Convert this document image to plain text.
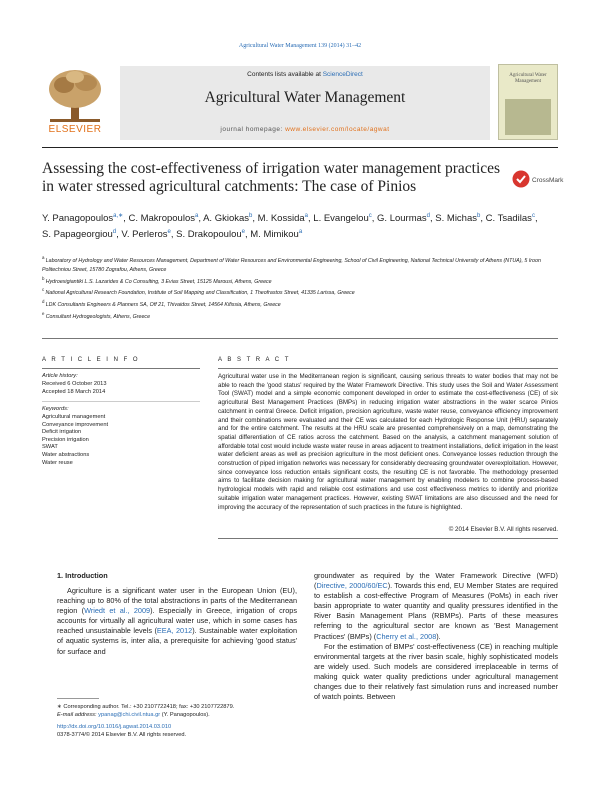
Agricultural Water Management 139 (2014) 31–42
ELSEVIER
Contents lists available at ScienceDirect
Agricultural Water Management
journal homepage: www.elsevier.com/locate/agwat
Agricultural Water Management
Assessing the cost-effectiveness of irrigation water management practices in water stressed agricultural catchments: The case of Pinios	CrossMark
Y. Panagopoulos$^{a,∗}$, C. Makropoulos$^a$, A. Gkiokas$^b$, M. Kossida$^a$, L. Evangelou$^c$, G. Lourmas$^d$, S. Michas$^b$, C. Tsadilas$^c$, S. Papageorgiou$^d$, V. Perleros$^e$, S. Drakopoulou$^e$, M. Mimikou$^a$
$^a$ Laboratory of Hydrology and Water Resources Management, Department of Water Resources and Environmental Engineering, School of Civil Engineering, National Technical University of Athens (NTUA), 5 Iroon Politechniou Street, 15780 Zografou, Athens, Greece
$^b$ Hydroexigiantiki L.S. Lazarides & Co Consulting, 3 Evias Street, 15125 Marousi, Athens, Greece
$^c$ National Agricultural Research Foundation, Institute of Soil Mapping and Classification, 1 Theofrastos Street, 41335 Larissa, Greece
$^d$ LDK Consultants Engineers & Planners SA, Off 21, Thivaidos Street, 14564 Kifissia, Athens, Greece
$^e$ Consultant Hydrogeologists, Athens, Greece
A R T I C L E I N F O
Article history:
Received 6 October 2013
Accepted 18 March 2014
Keywords:
Agricultural management
Conveyance improvement
Deficit irrigation
Precision irrigation
SWAT
Water abstractions
Water reuse
A B S T R A C T
Agricultural water use in the Mediterranean region is significant, causing serious threats to water bodies that may not be able to reach the 'good status' required by the Water Framework Directive. This study uses the Soil and Water Assessment Tool (SWAT) model and a simple economic component developed in order to estimate the cost-effectiveness (CE) of six agricultural Best Management Practices (BMPs) in reducing irrigation water abstractions in the water scarce Pinios catchment in central Greece. Deficit irrigation, precision agriculture, waste water reuse, conveyance efficiency improvement and their combinations were evaluated and their CE was calculated for each Hydrologic Response Unit (HRU) separately and for the entire catchment. The results at the HRU scale are presented comprehensively on a map, demonstrating the spatial differentiation of CE ratios across the catchment. Based on the analysis, a catchment management solution of affordable total cost would include waste water reuse in areas adjacent to treatment installations, deficit irrigation in the least water deficient areas as well as precision agriculture in the most deficient ones. Conveyance losses reduction through the construction of piped irrigation networks was necessary for considerably decreasing groundwater overexploitation. However, since conveyance loss reduction entails significant costs, the resulting CE is not favorable. The methodology presented aims to facilitate decision making for agricultural water management by enabling modelers to combine process-based hydrological models with rapid and reliable cost estimations and use cost effectiveness metrics to identify and prioritize suitable irrigation water management practices. However, existing SWAT limitations are also discussed and the need for improving the accuracy of the representation of such practices in the future is highlighted.
© 2014 Elsevier B.V. All rights reserved.
1. Introduction
Agriculture is a significant water user in the European Union (EU), reaching up to 80% of the total abstractions in parts of the Mediterranean region (Wriedt et al., 2009). Especially in Greece, irrigation of crops accounts for virtually all agricultural water use, which in some cases has reached unsustainable levels (EEA, 2012). Sustainable water exploitation of aquatic systems is, inter alia, a prerequisite for achieving 'good status' for surface and

groundwater as required by the Water Framework Directive (WFD) (Directive, 2000/60/EC). Towards this end, EU Member States are required to establish a cost-effective Program of Measures (PoMs) in each river basin appropriate to water quantity and quality pressures identified in the River Basin Management Plans (RBMPs). Parts of these measures referring to the agricultural sector are known as 'Best Management Practices' (BMPs) (Cherry et al., 2008).

For the estimation of BMPs' cost-effectiveness (CE) in reaching multiple environmental targets at the river basin scale, highly sophisticated models are widely used. Such models are considered irreplaceable in terms of making quick water quality predictions under agricultural management changes due to their relatively fast simulation runs and increased number of watch points. Between

∗ Corresponding author. Tel.: +30 2107722418; fax: +30 2107722879.
E-mail address: ypanag@chi.civil.ntua.gr (Y. Panagopoulos).
http://dx.doi.org/10.1016/j.agwat.2014.03.010
0378-3774/© 2014 Elsevier B.V. All rights reserved.
